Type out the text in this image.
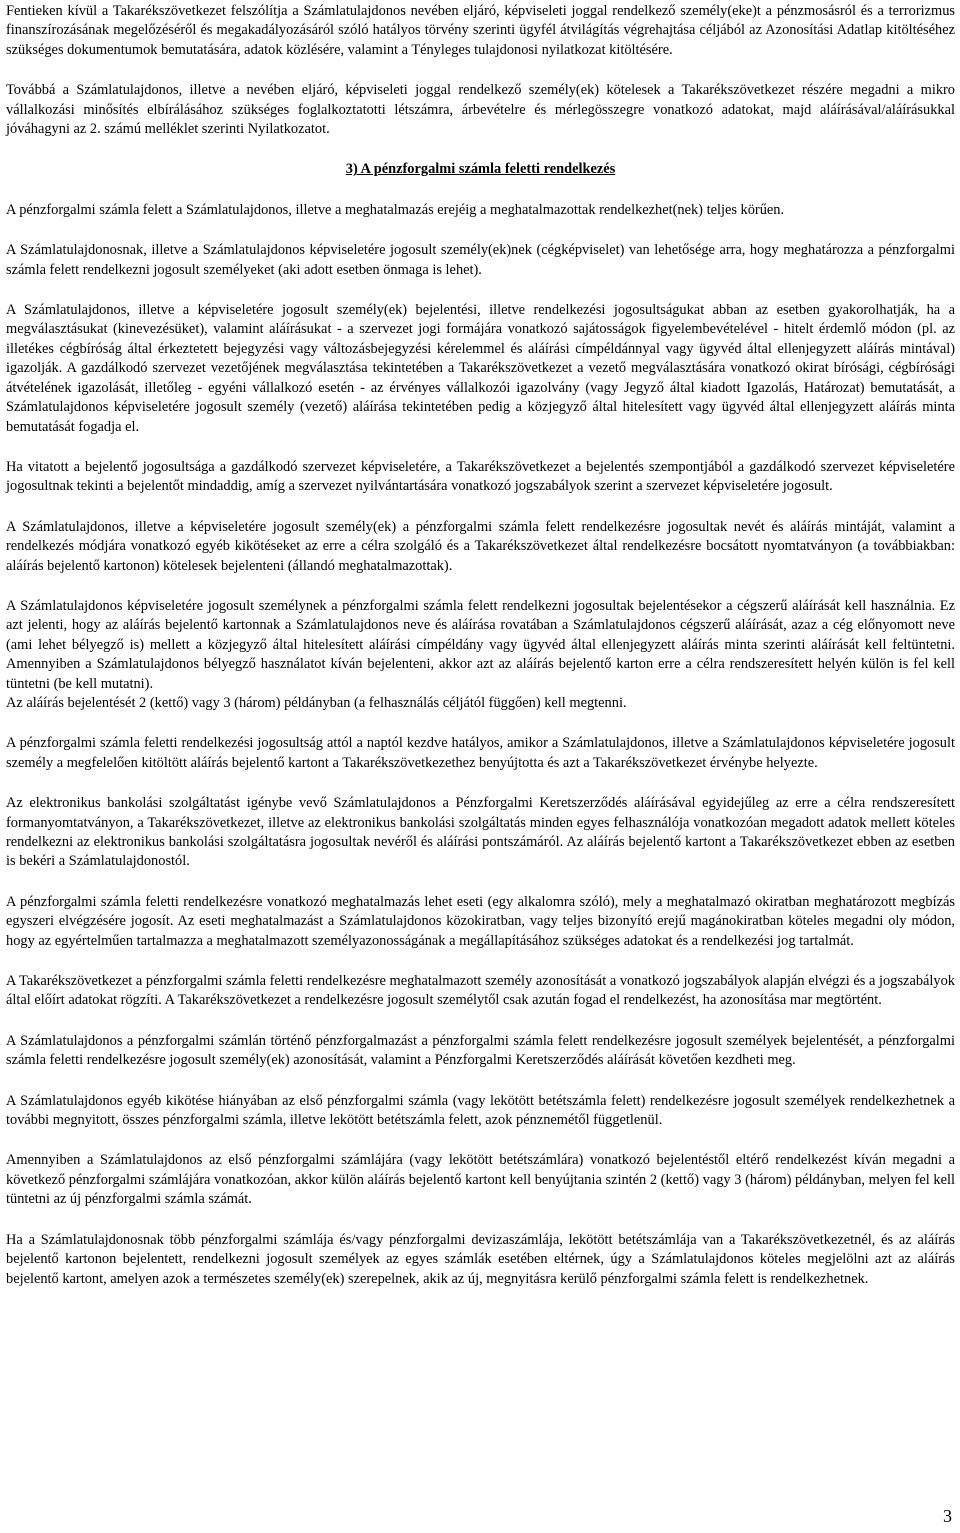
Fentieken kívül a Takarékszövetkezet felszólítja a Számlatulajdonos nevében eljáró, képviseleti joggal rendelkező személy(eke)t a pénzmosásról és a terrorizmus finanszírozásának megelőzéséről és megakadályozásáról szóló hatályos törvény szerinti ügyfél átvilágítás végrehajtása céljából az Azonosítási Adatlap kitöltéséhez szükséges dokumentumok bemutatására, adatok közlésére, valamint a Tényleges tulajdonosi nyilatkozat kitöltésére.

Továbbá a Számlatulajdonos, illetve a nevében eljáró, képviseleti joggal rendelkező személy(ek) kötelesek a Takarékszövetkezet részére megadni a mikro vállalkozási minősítés elbírálásához szükséges foglalkoztatotti létszámra, árbevételre és mérlegösszegre vonatkozó adatokat, majd aláírásával/aláírásukkal jóváhagyni az 2. számú melléklet szerinti Nyilatkozatot.

3) A pénzforgalmi számla feletti rendelkezés

A pénzforgalmi számla felett a Számlatulajdonos, illetve a meghatalmazás erejéig a meghatalmazottak rendelkezhet(nek) teljes körűen.

A Számlatulajdonosnak, illetve a Számlatulajdonos képviseletére jogosult személy(ek)nek (cégképviselet) van lehetősége arra, hogy meghatározza a pénzforgalmi számla felett rendelkezni jogosult személyeket (aki adott esetben önmaga is lehet).

A Számlatulajdonos, illetve a képviseletére jogosult személy(ek) bejelentési, illetve rendelkezési jogosultságukat abban az esetben gyakorolhatják, ha a megválasztásukat (kinevezésüket), valamint aláírásukat - a szervezet jogi formájára vonatkozó sajátosságok figyelembevételével - hitelt érdemlő módon (pl. az illetékes cégbíróság által érkeztetett bejegyzési vagy változásbejegyzési kérelemmel és aláírási címpéldánnyal vagy ügyvéd által ellenjegyzett aláírás mintával) igazolják. A gazdálkodó szervezet vezetőjének megválasztása tekintetében a Takarékszövetkezet a vezető megválasztására vonatkozó okirat bírósági, cégbírósági átvételének igazolását, illetőleg - egyéni vállalkozó esetén - az érvényes vállalkozói igazolvány (vagy Jegyző által kiadott Igazolás, Határozat) bemutatását, a Számlatulajdonos képviseletére jogosult személy (vezető) aláírása tekintetében pedig a közjegyző által hitelesített vagy ügyvéd által ellenjegyzett aláírás minta bemutatását fogadja el.

Ha vitatott a bejelentő jogosultsága a gazdálkodó szervezet képviseletére, a Takarékszövetkezet a bejelentés szempontjából a gazdálkodó szervezet képviseletére jogosultnak tekinti a bejelentőt mindaddig, amíg a szervezet nyilvántartására vonatkozó jogszabályok szerint a szervezet képviseletére jogosult.

A Számlatulajdonos, illetve a képviseletére jogosult személy(ek) a pénzforgalmi számla felett rendelkezésre jogosultak nevét és aláírás mintáját, valamint a rendelkezés módjára vonatkozó egyéb kikötéseket az erre a célra szolgáló és a Takarékszövetkezet által rendelkezésre bocsátott nyomtatványon (a továbbiakban: aláírás bejelentő kartonon) kötelesek bejelenteni (állandó meghatalmazottak).

A Számlatulajdonos képviseletére jogosult személynek a pénzforgalmi számla felett rendelkezni jogosultak bejelentésekor a cégszerű aláírását kell használnia. Ez azt jelenti, hogy az aláírás bejelentő kartonnak a Számlatulajdonos neve és aláírása rovatában a Számlatulajdonos cégszerű aláírását, azaz a cég előnyomott neve (ami lehet bélyegző is) mellett a közjegyző által hitelesített aláírási címpéldány vagy ügyvéd által ellenjegyzett aláírás minta szerinti aláírását kell feltüntetni. Amennyiben a Számlatulajdonos bélyegző használatot kíván bejelenteni, akkor azt az aláírás bejelentő karton erre a célra rendszeresített helyén külön is fel kell tüntetni (be kell mutatni).

Az aláírás bejelentését 2 (kettő) vagy 3 (három) példányban (a felhasználás céljától függően) kell megtenni.

A pénzforgalmi számla feletti rendelkezési jogosultság attól a naptól kezdve hatályos, amikor a Számlatulajdonos, illetve a Számlatulajdonos képviseletére jogosult személy a megfelelően kitöltött aláírás bejelentő kartont a Takarékszövetkezethez benyújtotta és azt a Takarékszövetkezet érvénybe helyezte.

Az elektronikus bankolási szolgáltatást igénybe vevő Számlatulajdonos a Pénzforgalmi Keretszerződés aláírásával egyidejűleg az erre a célra rendszeresített formanyomtatványon, a Takarékszövetkezet, illetve az elektronikus bankolási szolgáltatás minden egyes felhasználója vonatkozóan megadott adatok mellett köteles rendelkezni az elektronikus bankolási szolgáltatásra jogosultak nevéről és aláírási pontszámáról. Az aláírás bejelentő kartont a Takarékszövetkezet ebben az esetben is bekéri a Számlatulajdonostól.

A pénzforgalmi számla feletti rendelkezésre vonatkozó meghatalmazás lehet eseti (egy alkalomra szóló), mely a meghatalmazó okiratban meghatározott megbízás egyszeri elvégzésére jogosít. Az eseti meghatalmazást a Számlatulajdonos közokiratban, vagy teljes bizonyító erejű magánokiratban köteles megadni oly módon, hogy az egyértelműen tartalmazza a meghatalmazott személyazonosságának a megállapításához szükséges adatokat és a rendelkezési jog tartalmát.

A Takarékszövetkezet a pénzforgalmi számla feletti rendelkezésre meghatalmazott személy azonosítását a vonatkozó jogszabályok alapján elvégzi és a jogszabályok által előírt adatokat rögzíti. A Takarékszövetkezet a rendelkezésre jogosult személytől csak azután fogad el rendelkezést, ha azonosítása mar megtörtént.

A Számlatulajdonos a pénzforgalmi számlán történő pénzforgalmazást a pénzforgalmi számla felett rendelkezésre jogosult személyek bejelentését, a pénzforgalmi számla feletti rendelkezésre jogosult személy(ek) azonosítását, valamint a Pénzforgalmi Keretszerződés aláírását követően kezdheti meg.

A Számlatulajdonos egyéb kikötése hiányában az első pénzforgalmi számla (vagy lekötött betétszámla felett) rendelkezésre jogosult személyek rendelkezhetnek a további megnyitott, összes pénzforgalmi számla, illetve lekötött betétszámla felett, azok pénznemétől függetlenül.

Amennyiben a Számlatulajdonos az első pénzforgalmi számlájára (vagy lekötött betétszámlára) vonatkozó bejelentéstől eltérő rendelkezést kíván megadni a következő pénzforgalmi számlájára vonatkozóan, akkor külön aláírás bejelentő kartont kell benyújtania szintén 2 (kettő) vagy 3 (három) példányban, melyen fel kell tüntetni az új pénzforgalmi számla számát.

Ha a Számlatulajdonosnak több pénzforgalmi számlája és/vagy pénzforgalmi devizaszámlája, lekötött betétszámlája van a Takarékszövetkezetnél, és az aláírás bejelentő kartonon bejelentett, rendelkezni jogosult személyek az egyes számlák esetében eltérnek, úgy a Számlatulajdonos köteles megjelölni azt az aláírás bejelentő kartont, amelyen azok a természetes személy(ek) szerepelnek, akik az új, megnyitásra kerülő pénzforgalmi számla felett is rendelkezhetnek.

3
